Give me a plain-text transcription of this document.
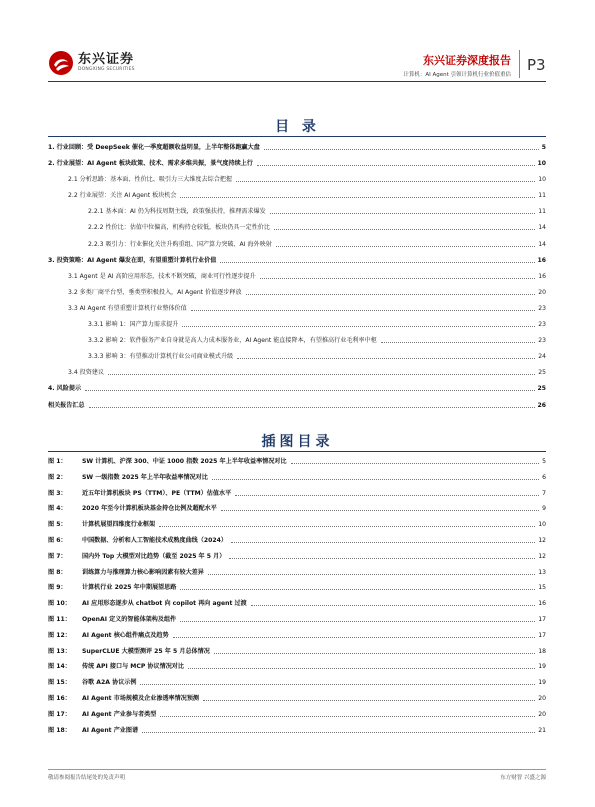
东兴证券
DONGXING SECURITIES
东兴证券深度报告
计算机：AI Agent 引领计算机行业价值重估
P3
目 录
1. 行业回顾：受 DeepSeek 催化一季度超额收益明显，上半年整体跑赢大盘	5
2. 行业展望：AI Agent 板块政策、技术、需求多维共振，景气度持续上行	10
2.1 分析思路：基本面、性价比、吸引力三大维度去综合把握	10
2.2 行业展望：关注 AI Agent 板块机会	11
2.2.1 基本面：AI 仍为科技周期主线，政策强扶持，推理需求爆发	11
2.2.2 性价比：估值中位偏高，机构持仓较低，板块仍具一定性价比	14
2.2.3 吸引力：行业催化关注升购重组、国产算力突破、AI 海外映射	14
3. 投资策略：AI Agent 爆发在即，有望重塑计算机行业价值	16
3.1 Agent 是 AI 高阶应用形态，技术不断突破，商业可行性逐步提升	16
3.2 多类厂商平台型、垂类型积极投入，AI Agent 价值逐步释放	20
3.3 AI Agent 有望重塑计算机行业整体价值	23
3.3.1 影响 1：国产算力需求提升	23
3.3.2 影响 2：软件服务产业自身就是高人力成本服务业，AI Agent 能直接降本，有望推高行业毛利率中枢	23
3.3.3 影响 3：有望推动计算机行业公司商业模式升级	24
3.4 投资建议	25
4. 风险提示	25
相关报告汇总	26
插图目录
图 1：	SW 计算机、沪深 300、中证 1000 指数 2025 年上半年收益率情况对比	5
图 2：	SW 一级指数 2025 年上半年收益率情况对比	6
图 3：	近五年计算机板块 PS（TTM）、PE（TTM）估值水平	7
图 4：	2020 年至今计算机板块基金持仓比例及超配水平	9
图 5：	计算机展望四维度行业框架	10
图 6：	中国数据、分析和人工智能技术成熟度曲线（2024）	12
图 7：	国内外 Top 大模型对比趋势（截至 2025 年 5 月）	12
图 8：	训练算力与推理算力核心影响因素有较大差异	13
图 9：	计算机行业 2025 年中期展望思路	15
图 10：	AI 应用形态逐步从 chatbot 向 copilot 再向 agent 过渡	16
图 11：	OpenAI 定义的智能体架构及组件	17
图 12：	AI Agent 核心组件痛点及趋势	17
图 13：	SuperCLUE 大模型测评 25 年 5 月总体情况	18
图 14：	传统 API 接口与 MCP 协议情况对比	19
图 15：	谷歌 A2A 协议示例	19
图 16：	AI Agent 市场规模及企业渗透率情况预测	20
图 17：	AI Agent 产业参与者类型	20
图 18：	AI Agent 产业图谱	21
敬请参阅报告结尾处的免责声明	东方财智 兴盛之源
